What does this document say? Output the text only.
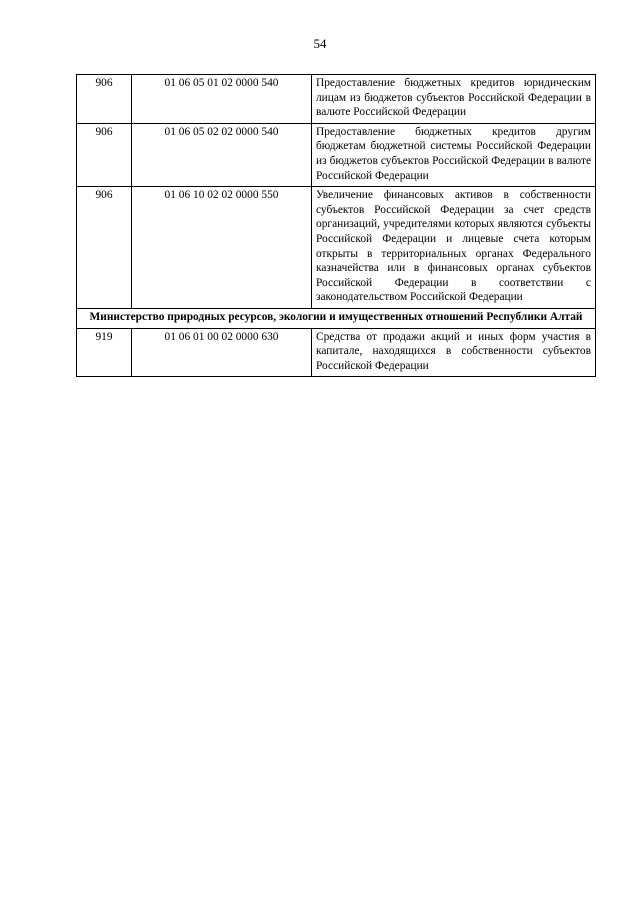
54
906	01 06 05 01 02 0000 540	Предоставление бюджетных кредитов юридическим лицам из бюджетов субъектов Российской Федерации в валюте Российской Федерации
906	01 06 05 02 02 0000 540	Предоставление бюджетных кредитов другим бюджетам бюджетной системы Российской Федерации из бюджетов субъектов Российской Федерации в валюте Российской Федерации
906	01 06 10 02 02 0000 550	Увеличение финансовых активов в собственности субъектов Российской Федерации за счет средств организаций, учредителями которых являются субъекты Российской Федерации и лицевые счета которым открыты в территориальных органах Федерального казначейства или в финансовых органах субъектов Российской Федерации в соответствии с законодательством Российской Федерации
Министерство природных ресурсов, экологии и имущественных отношений Республики Алтай		
919	01 06 01 00 02 0000 630	Средства от продажи акций и иных форм участия в капитале, находящихся в собственности субъектов Российской Федерации
